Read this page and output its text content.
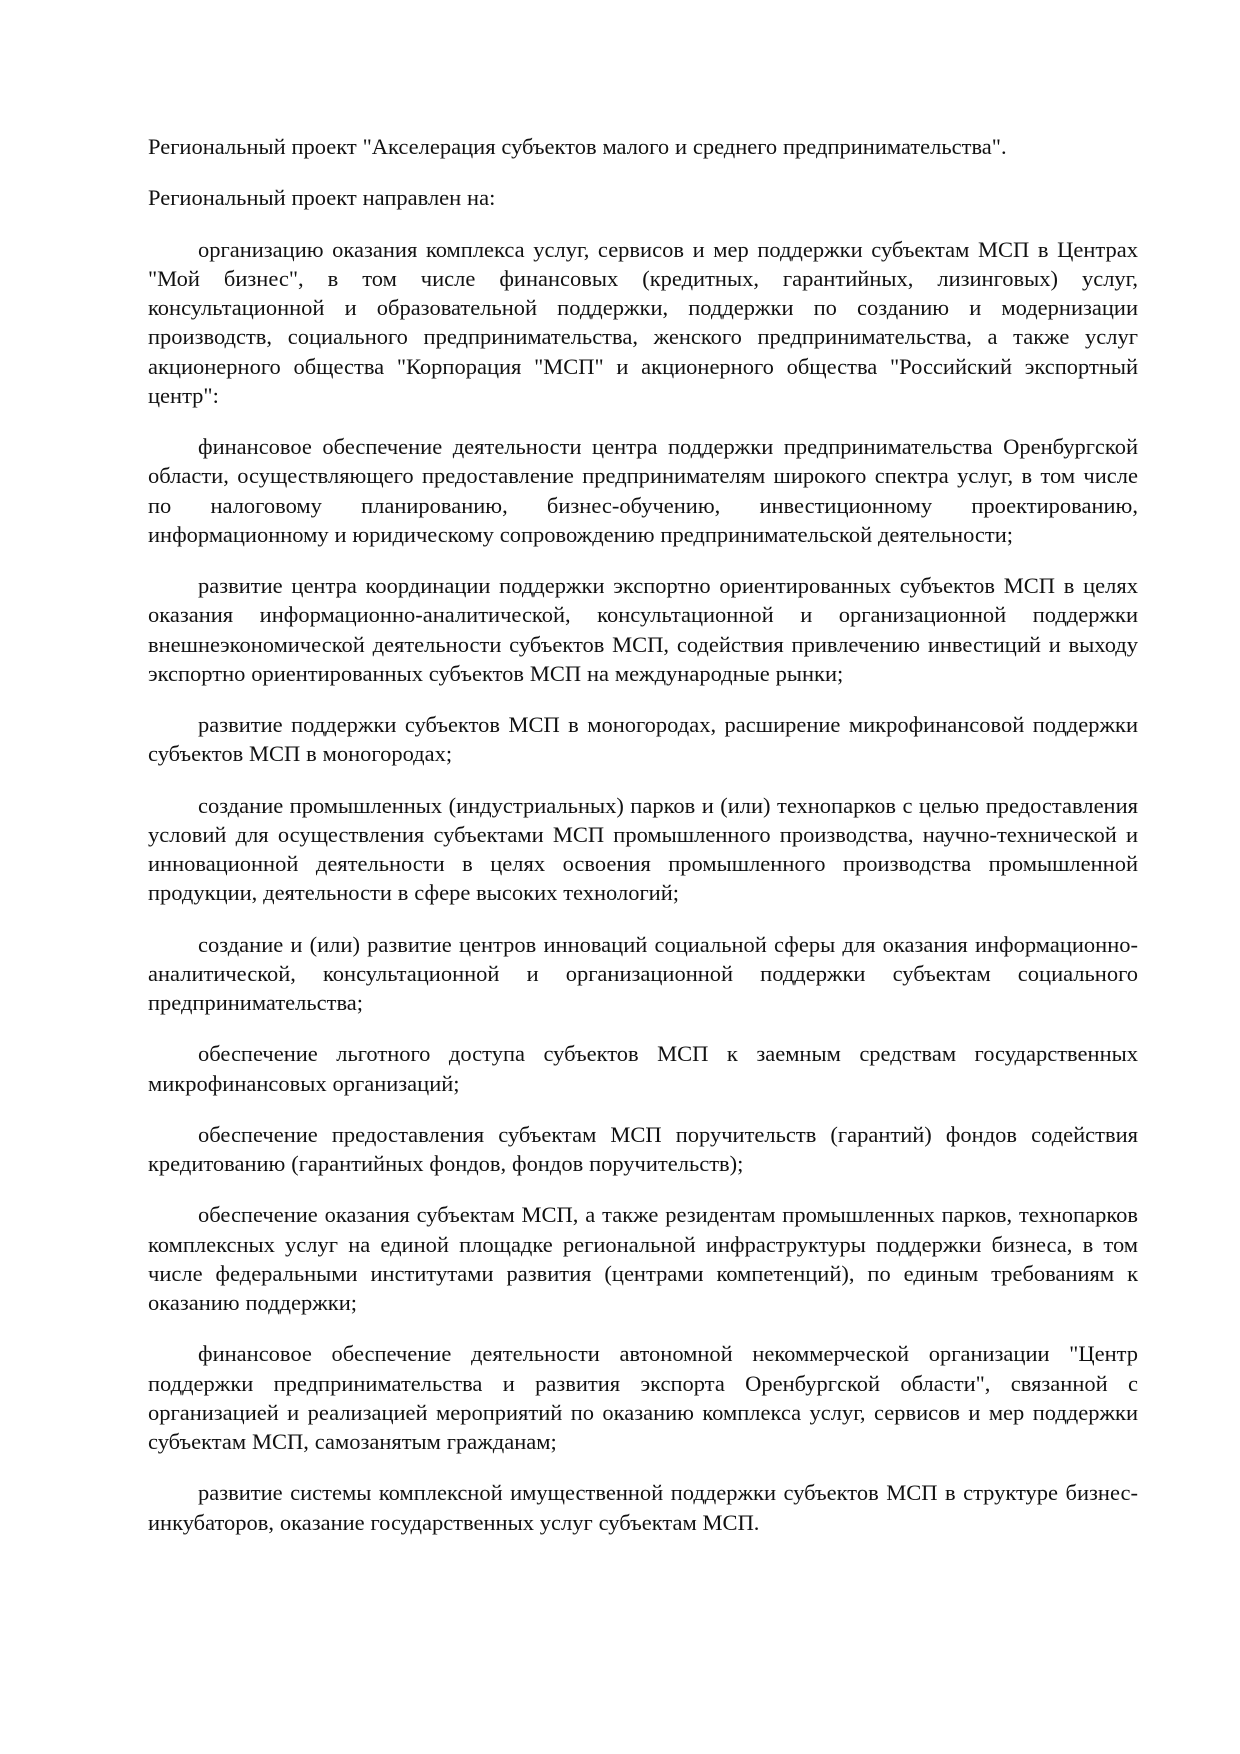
Региональный проект "Акселерация субъектов малого и среднего предпринимательства".

Региональный проект направлен на:

организацию оказания комплекса услуг, сервисов и мер поддержки субъектам МСП в Центрах "Мой бизнес", в том числе финансовых (кредитных, гарантийных, лизинговых) услуг, консультационной и образовательной поддержки, поддержки по созданию и модернизации производств, социального предпринимательства, женского предпринимательства, а также услуг акционерного общества "Корпорация "МСП" и акционерного общества "Российский экспортный центр":

финансовое обеспечение деятельности центра поддержки предпринимательства Оренбургской области, осуществляющего предоставление предпринимателям широкого спектра услуг, в том числе по налоговому планированию, бизнес-обучению, инвестиционному проектированию, информационному и юридическому сопровождению предпринимательской деятельности;

развитие центра координации поддержки экспортно ориентированных субъектов МСП в целях оказания информационно-аналитической, консультационной и организационной поддержки внешнеэкономической деятельности субъектов МСП, содействия привлечению инвестиций и выходу экспортно ориентированных субъектов МСП на международные рынки;

развитие поддержки субъектов МСП в моногородах, расширение микрофинансовой поддержки субъектов МСП в моногородах;

создание промышленных (индустриальных) парков и (или) технопарков с целью предоставления условий для осуществления субъектами МСП промышленного производства, научно-технической и инновационной деятельности в целях освоения промышленного производства промышленной продукции, деятельности в сфере высоких технологий;

создание и (или) развитие центров инноваций социальной сферы для оказания информационно-аналитической, консультационной и организационной поддержки субъектам социального предпринимательства;

обеспечение льготного доступа субъектов МСП к заемным средствам государственных микрофинансовых организаций;

обеспечение предоставления субъектам МСП поручительств (гарантий) фондов содействия кредитованию (гарантийных фондов, фондов поручительств);

обеспечение оказания субъектам МСП, а также резидентам промышленных парков, технопарков комплексных услуг на единой площадке региональной инфраструктуры поддержки бизнеса, в том числе федеральными институтами развития (центрами компетенций), по единым требованиям к оказанию поддержки;

финансовое обеспечение деятельности автономной некоммерческой организации "Центр поддержки предпринимательства и развития экспорта Оренбургской области", связанной с организацией и реализацией мероприятий по оказанию комплекса услуг, сервисов и мер поддержки субъектам МСП, самозанятым гражданам;

развитие системы комплексной имущественной поддержки субъектов МСП в структуре бизнес-инкубаторов, оказание государственных услуг субъектам МСП.
